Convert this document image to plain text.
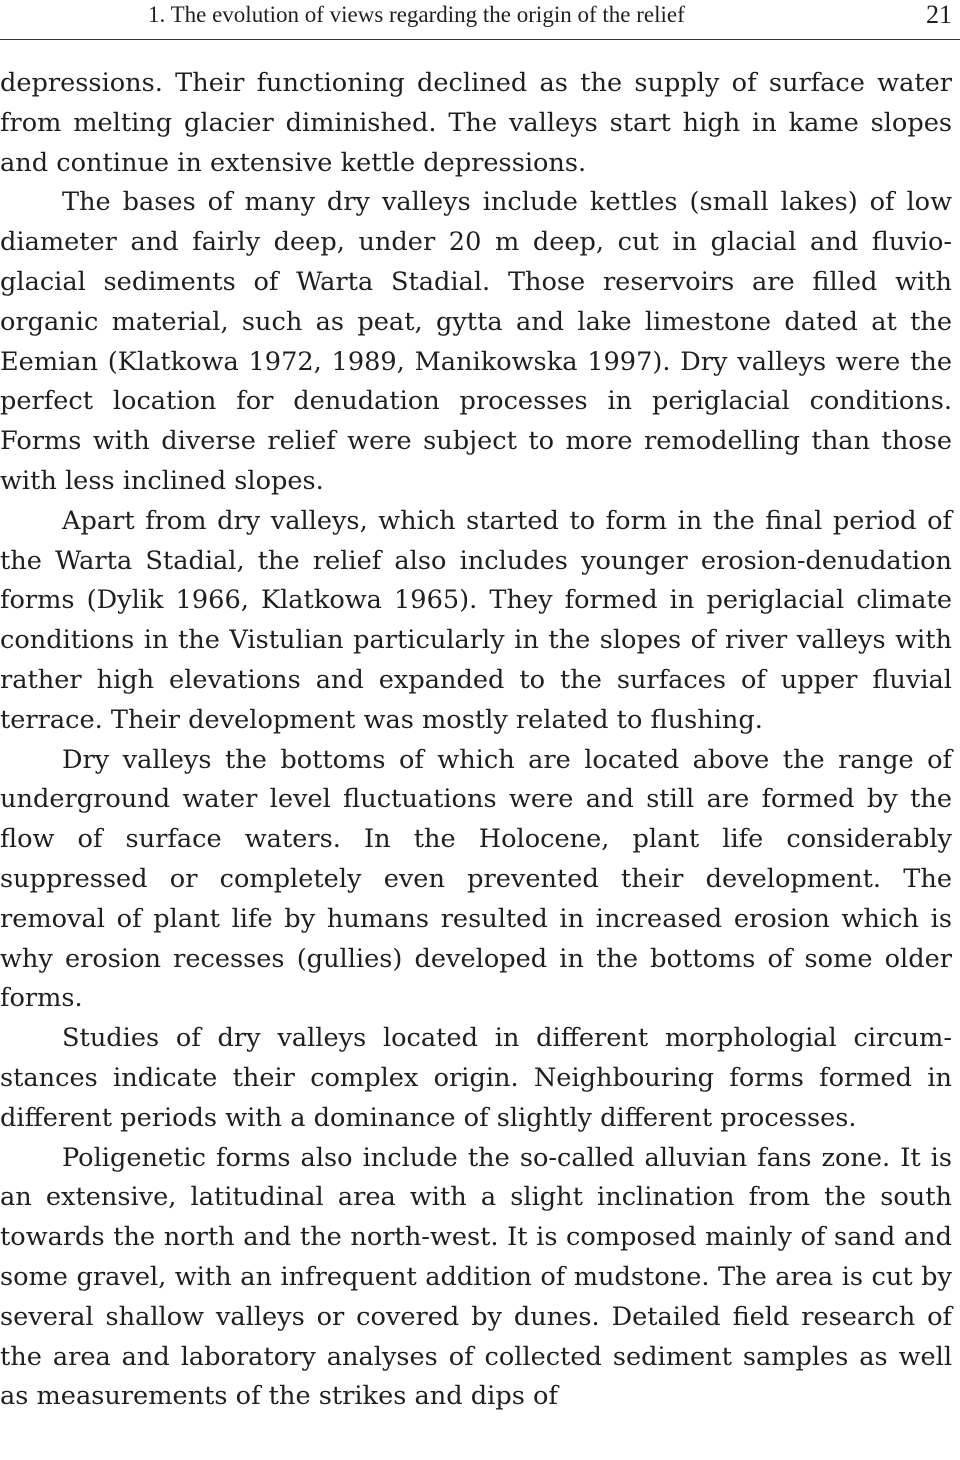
1. The evolution of views regarding the origin of the relief	21

depressions. Their functioning declined as the supply of surface water from melting glacier diminished. The valleys start high in kame slopes and continue in extensive kettle depressions.

The bases of many dry valleys include kettles (small lakes) of low diameter and fairly deep, under 20 m deep, cut in glacial and fluvio-glacial sediments of Warta Stadial. Those reservoirs are filled with organic material, such as peat, gytta and lake limestone dated at the Eemian (Klatkowa 1972, 1989, Manikowska 1997). Dry valleys were the perfect location for denudation processes in periglacial conditions. Forms with diverse relief were subject to more remodelling than those with less inclined slopes.

Apart from dry valleys, which started to form in the final period of the Warta Stadial, the relief also includes younger erosion-denudation forms (Dylik 1966, Klatkowa 1965). They formed in periglacial climate conditions in the Vistulian particularly in the slopes of river valleys with rather high elevations and expanded to the surfaces of upper fluvial terrace. Their development was mostly related to flushing.

Dry valleys the bottoms of which are located above the range of underground water level fluctuations were and still are formed by the flow of surface waters. In the Holocene, plant life considerably suppressed or completely even prevented their development. The removal of plant life by humans resulted in increased erosion which is why erosion recesses (gullies) developed in the bottoms of some older forms.

Studies of dry valleys located in different morphologial circumstances indicate their complex origin. Neighbouring forms formed in different periods with a dominance of slightly different processes.

Poligenetic forms also include the so-called alluvian fans zone. It is an extensive, latitudinal area with a slight inclination from the south towards the north and the north-west. It is composed mainly of sand and some gravel, with an infrequent addition of mudstone. The area is cut by several shallow valleys or covered by dunes. Detailed field research of the area and laboratory analyses of collected sediment samples as well as measurements of the strikes and dips of
